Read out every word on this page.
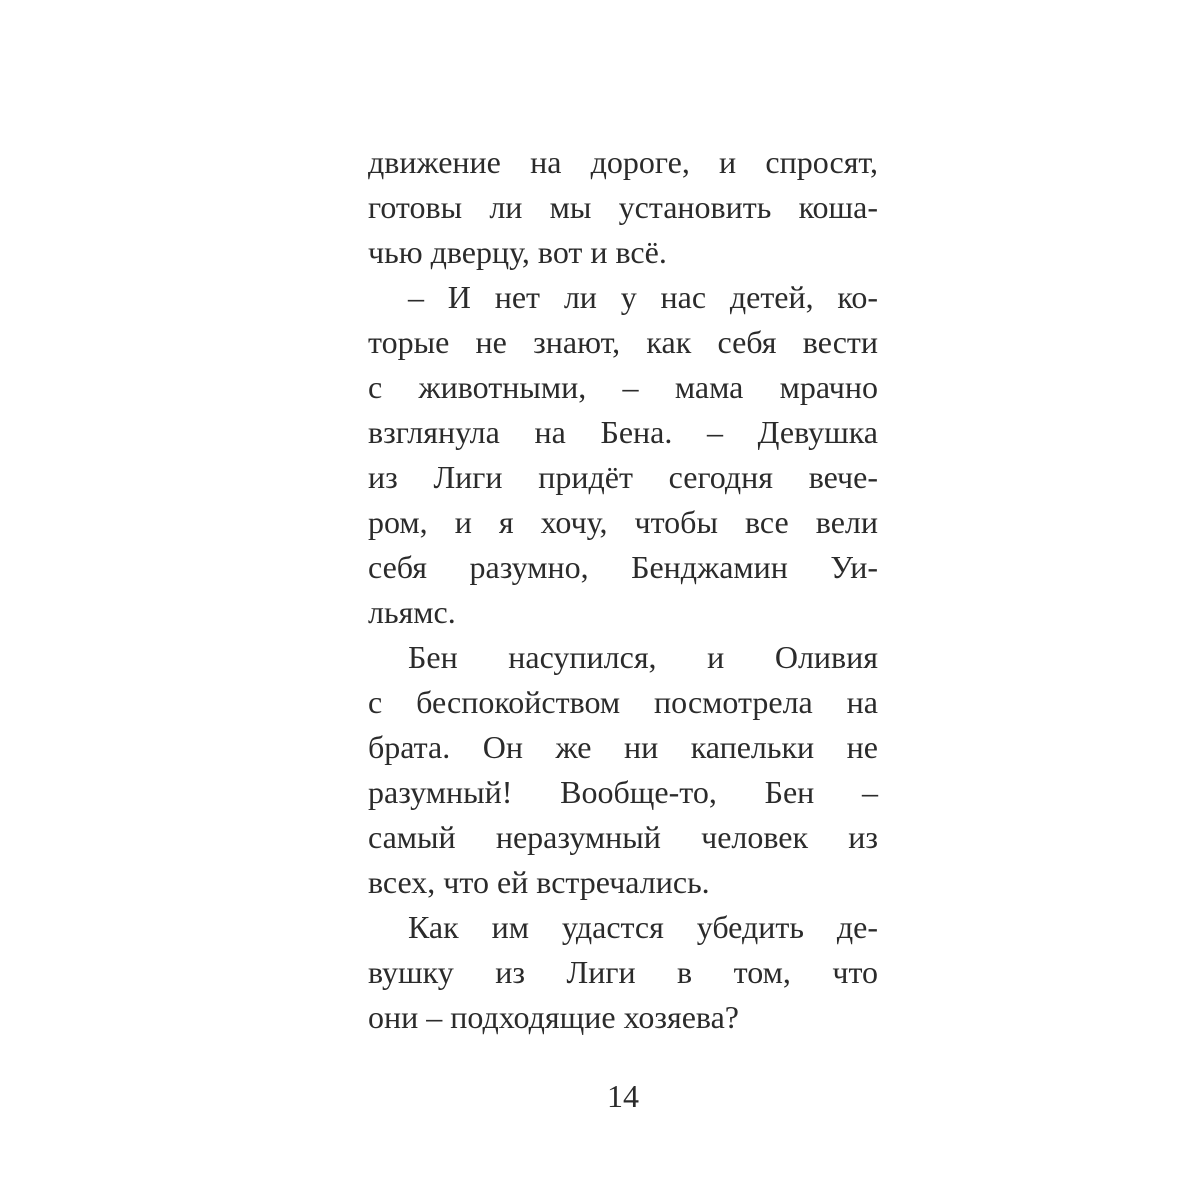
движение на дороге, и спросят,
готовы ли мы установить коша-
чью дверцу, вот и всё.
– И нет ли у нас детей, ко-
торые не знают, как себя вести
с животными, – мама мрачно
взглянула на Бена. – Девушка
из Лиги придёт сегодня вече-
ром, и я хочу, чтобы все вели
себя разумно, Бенджамин Уи-
льямс.
Бен насупился, и Оливия
с беспокойством посмотрела на
брата. Он же ни капельки не
разумный! Вообще-то, Бен –
самый неразумный человек из
всех, что ей встречались.
Как им удастся убедить де-
вушку из Лиги в том, что
они – подходящие хозяева?
14
